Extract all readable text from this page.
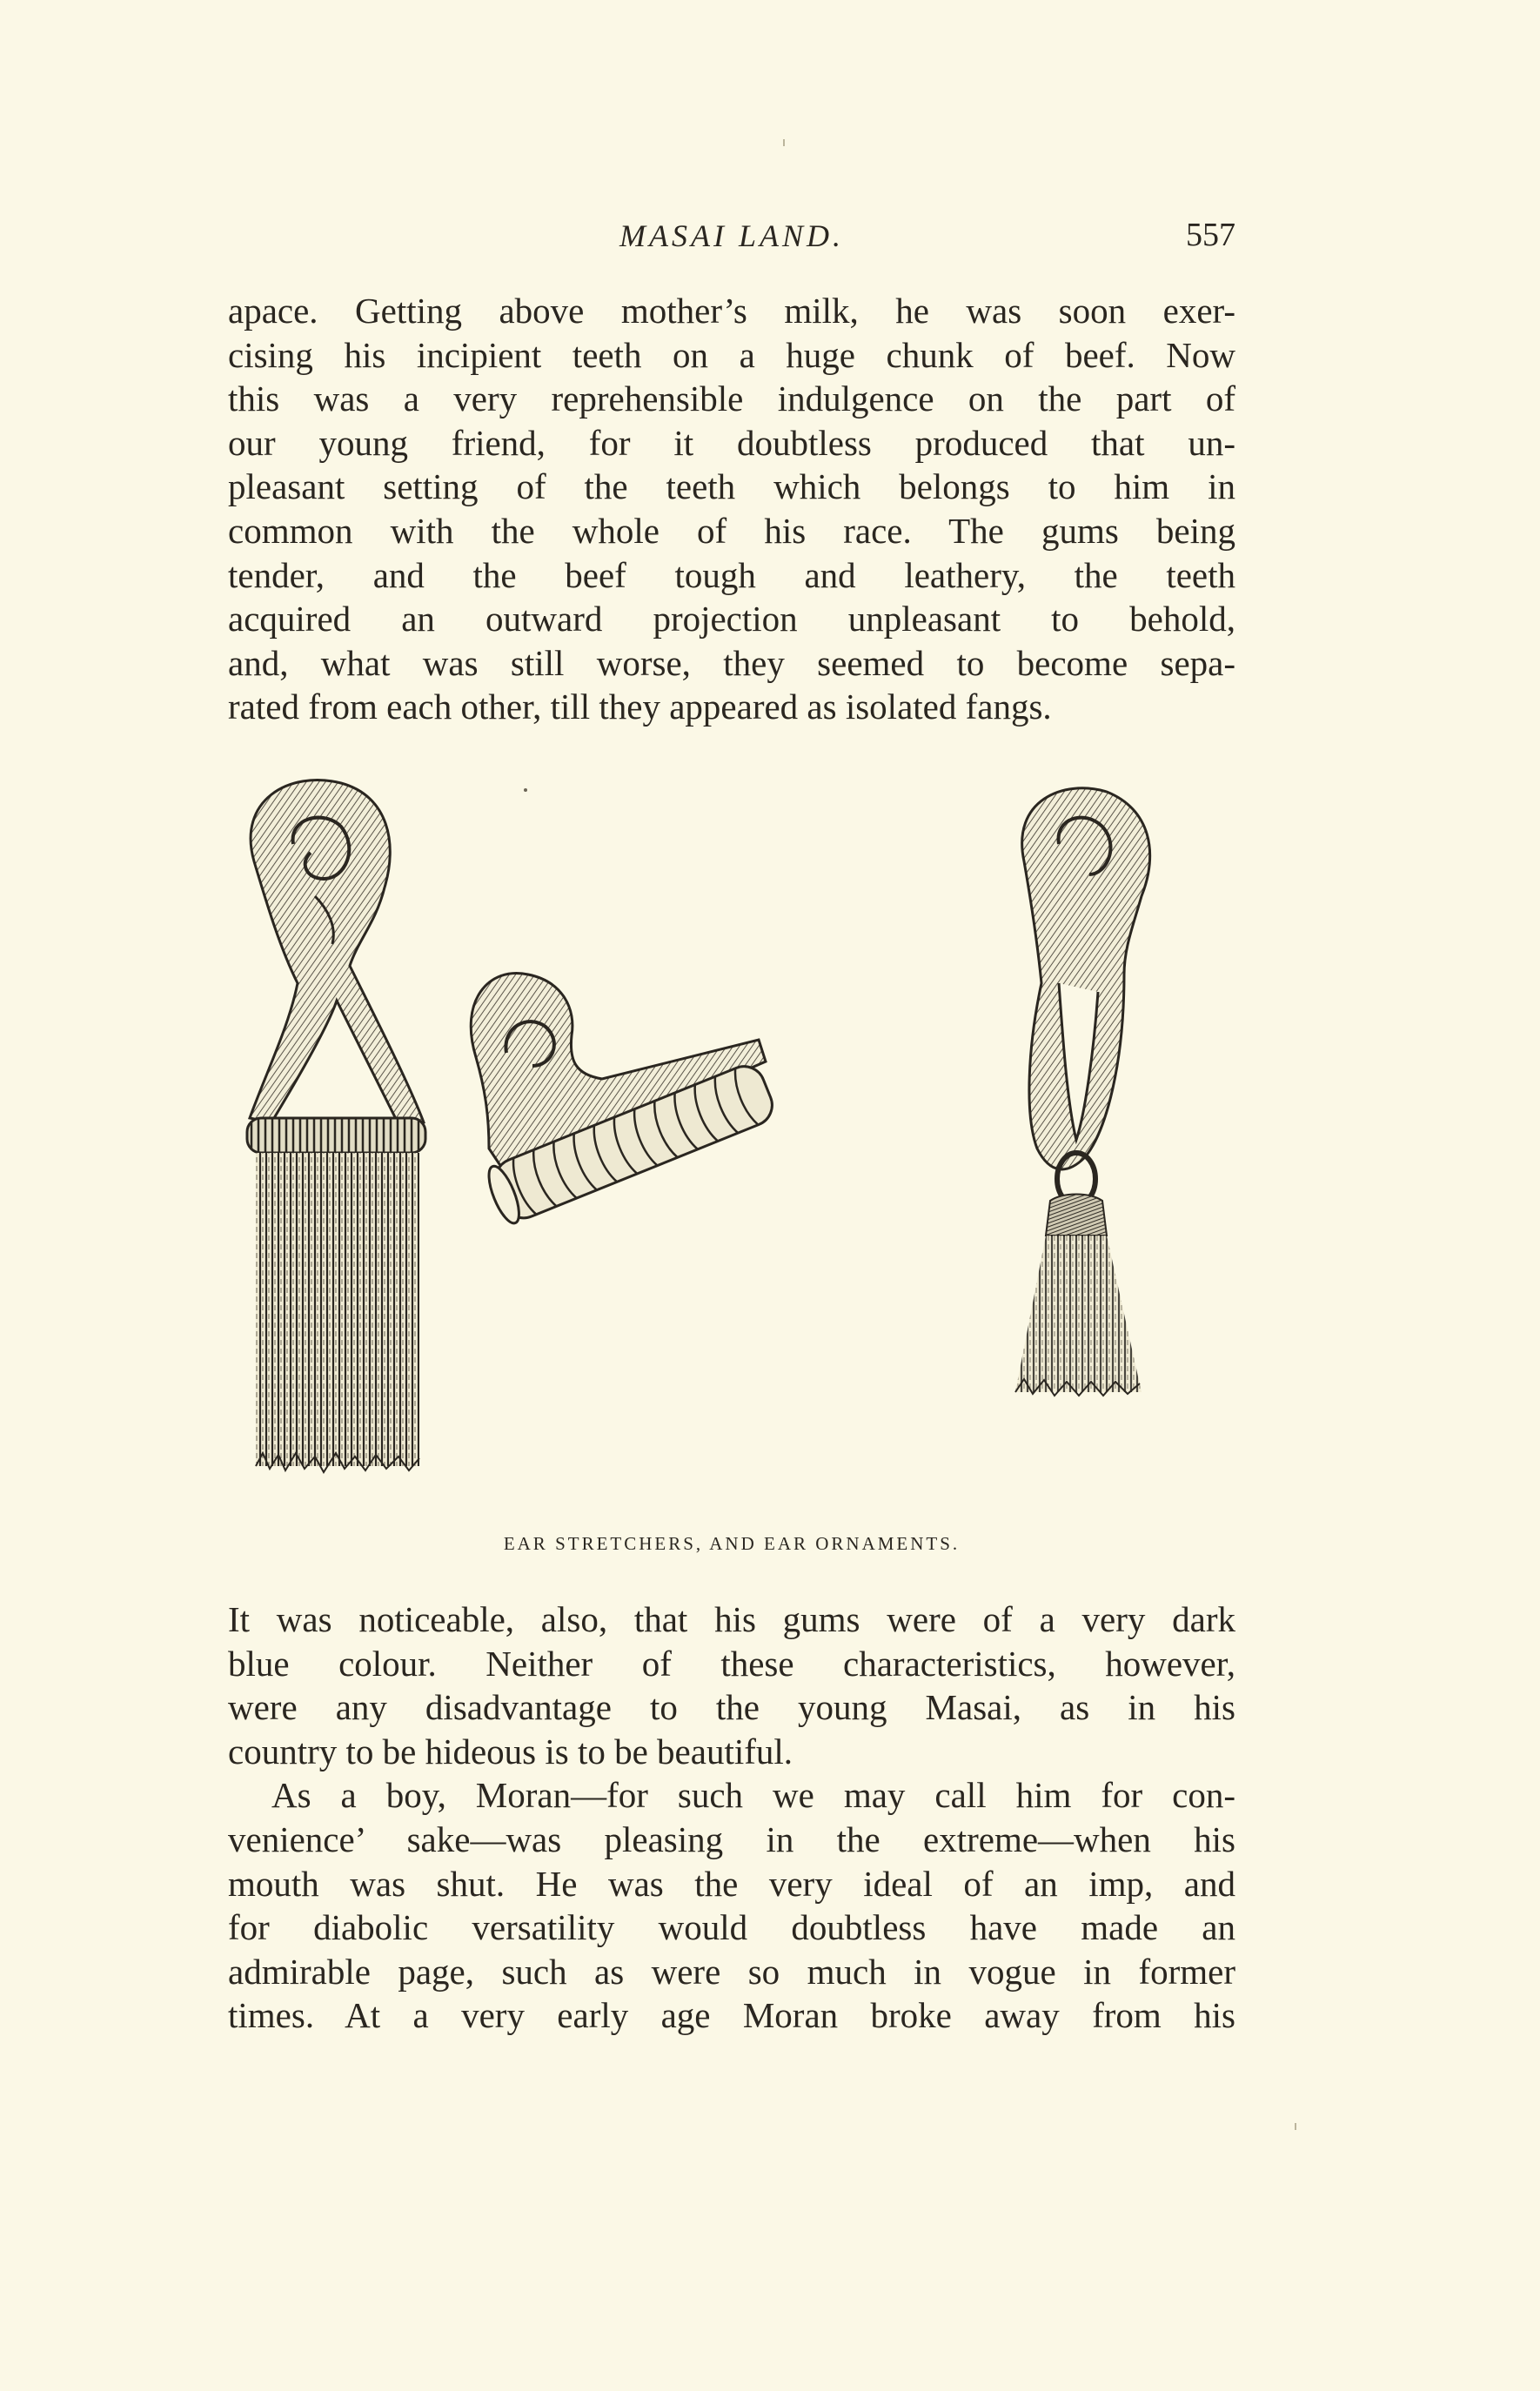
MASAI LAND.	557

apace. Getting above mother’s milk, he was soon exer-

cising his incipient teeth on a huge chunk of beef. Now

this was a very reprehensible indulgence on the part of

our young friend, for it doubtless produced that un-

pleasant setting of the teeth which belongs to him in

common with the whole of his race. The gums being

tender, and the beef tough and leathery, the teeth

acquired an outward projection unpleasant to behold,

and, what was still worse, they seemed to become sepa-

rated from each other, till they appeared as isolated fangs.

EAR STRETCHERS, AND EAR ORNAMENTS.

It was noticeable, also, that his gums were of a very dark

blue colour. Neither of these characteristics, however,

were any disadvantage to the young Masai, as in his

country to be hideous is to be beautiful.

As a boy, Moran—for such we may call him for con-

venience’ sake—was pleasing in the extreme—when his

mouth was shut. He was the very ideal of an imp, and

for diabolic versatility would doubtless have made an

admirable page, such as were so much in vogue in former

times. At a very early age Moran broke away from his
